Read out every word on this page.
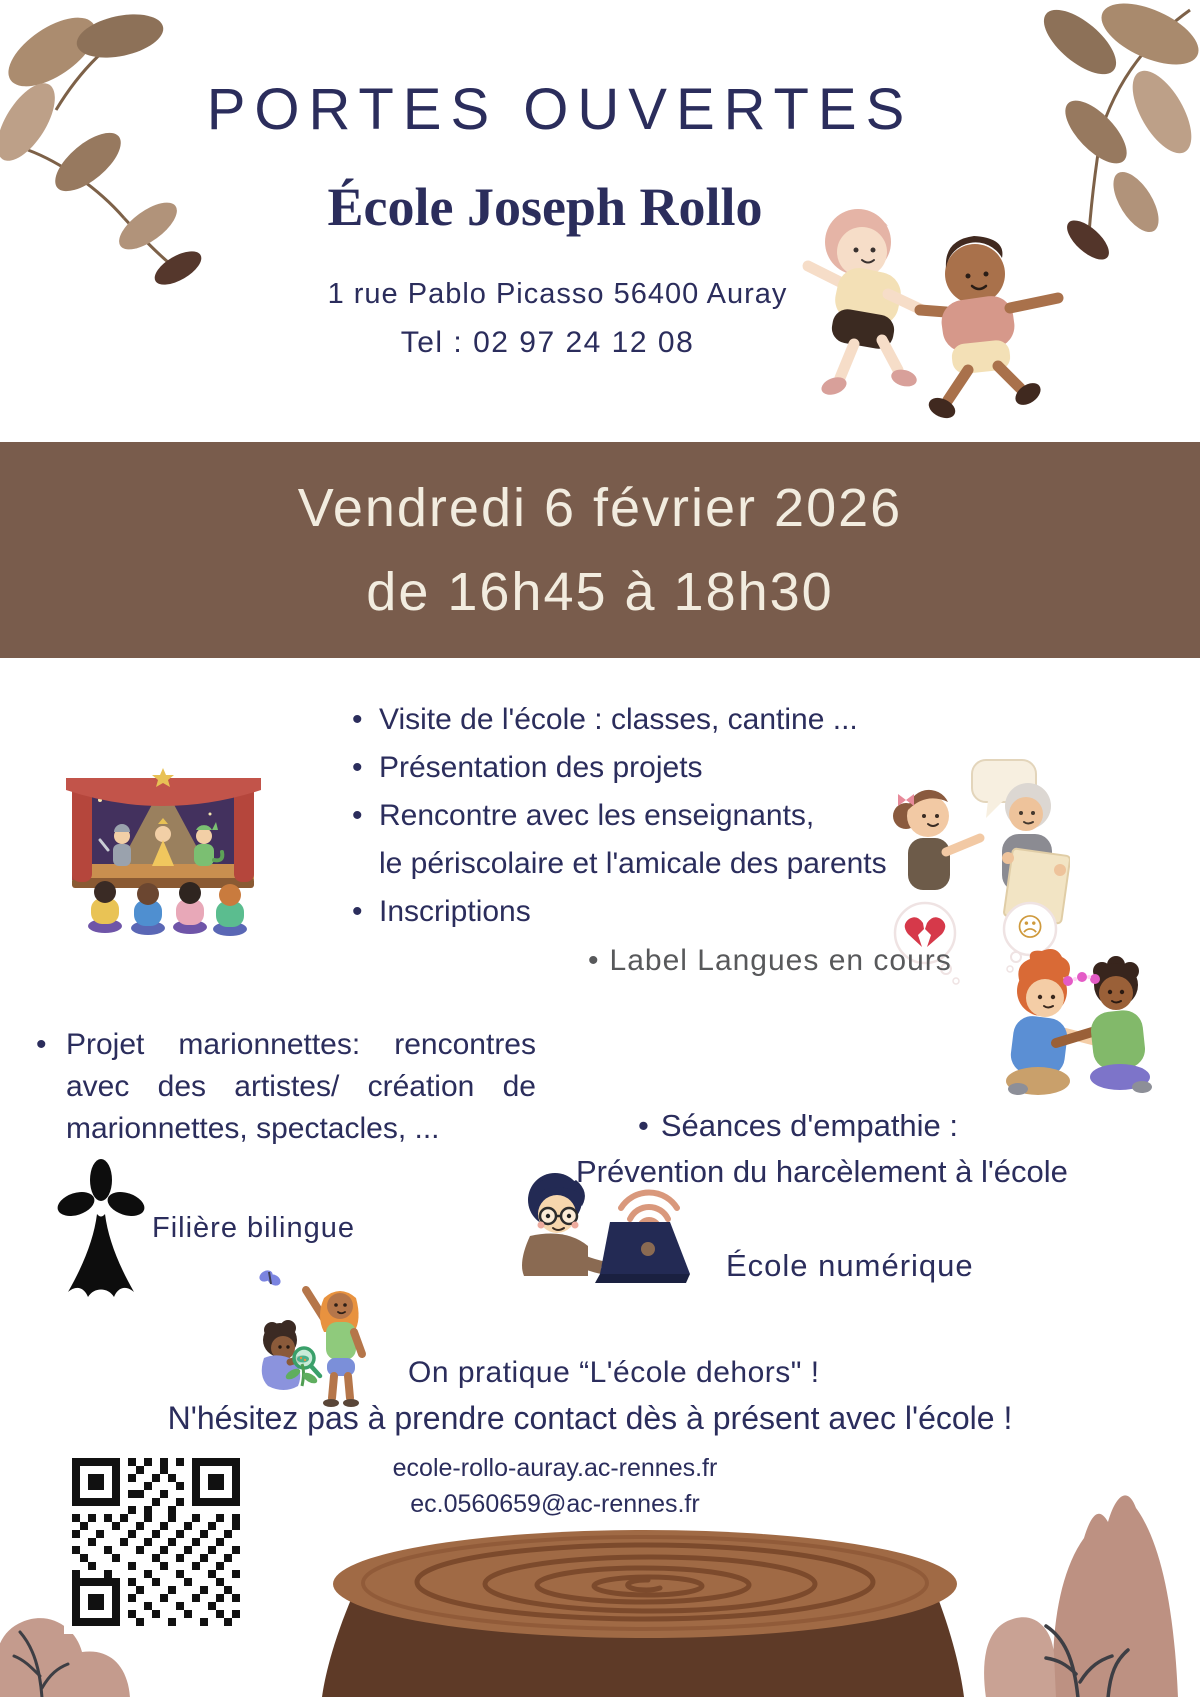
PORTES OUVERTES
École Joseph Rollo
1 rue Pablo Picasso 56400 Auray
Tel : 02 97 24 12 08
Vendredi 6 février 2026
de 16h45 à 18h30
• Visite de l'école : classes, cantine ...
• Présentation des projets
• Rencontre avec les enseignants,
le périscolaire et l'amicale des parents
• Inscriptions
• Label Langues en cours
• Projet marionnettes: rencontres avec des artistes/ création de marionnettes, spectacles, ...

☹
• Séances d'empathie :
Prévention du harcèlement à l'école
Filière bilingue
École numérique
On pratique “L'école dehors" !
N'hésitez pas à prendre contact dès à présent avec l'école !
ecole-rollo-auray.ac-rennes.fr
ec.0560659@ac-rennes.fr
